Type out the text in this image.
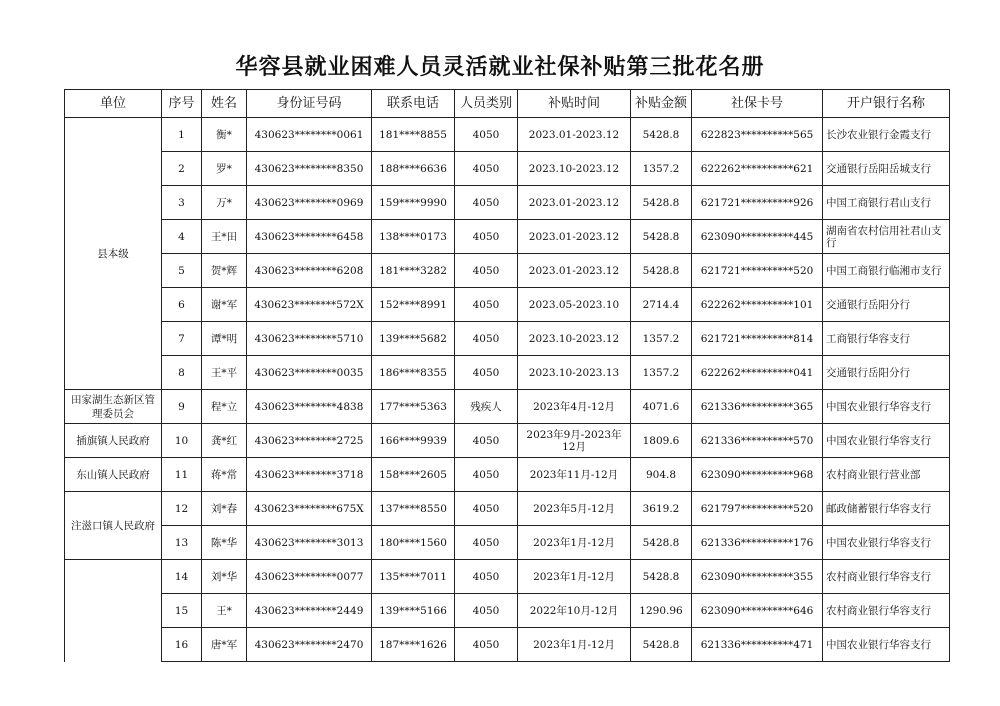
华容县就业困难人员灵活就业社保补贴第三批花名册
单位	序号	姓名	身份证号码	联系电话	人员类别	补贴时间	补贴金额	社保卡号	开户银行名称
县本级	1	衡*	430623********0061	181****8855	4050	2023.01-2023.12	5428.8	622823**********565	长沙农业银行金霞支行
	2	罗*	430623********8350	188****6636	4050	2023.10-2023.12	1357.2	622262**********621	交通银行岳阳岳城支行
	3	万*	430623********0969	159****9990	4050	2023.01-2023.12	5428.8	621721**********926	中国工商银行君山支行
	4	王*田	430623********6458	138****0173	4050	2023.01-2023.12	5428.8	623090**********445	湖南省农村信用社君山支行
	5	贺*辉	430623********6208	181****3282	4050	2023.01-2023.12	5428.8	621721**********520	中国工商银行临湘市支行
	6	谢*军	430623********572X	152****8991	4050	2023.05-2023.10	2714.4	622262**********101	交通银行岳阳分行
	7	谭*明	430623********5710	139****5682	4050	2023.10-2023.12	1357.2	621721**********814	工商银行华容支行
	8	王*平	430623********0035	186****8355	4050	2023.10-2023.13	1357.2	622262**********041	交通银行岳阳分行
田家湖生态新区管理委员会	9	程*立	430623********4838	177****5363	残疾人	2023年4月-12月	4071.6	621336**********365	中国农业银行华容支行
插旗镇人民政府	10	龚*红	430623********2725	166****9939	4050	2023年9月-2023年12月	1809.6	621336**********570	中国农业银行华容支行
东山镇人民政府	11	蒋*常	430623********3718	158****2605	4050	2023年11月-12月	904.8	623090**********968	农村商业银行营业部
注滋口镇人民政府	12	刘*春	430623********675X	137****8550	4050	2023年5月-12月	3619.2	621797**********520	邮政储蓄银行华容支行
	13	陈*华	430623********3013	180****1560	4050	2023年1月-12月	5428.8	621336**********176	中国农业银行华容支行
	14	刘*华	430623********0077	135****7011	4050	2023年1月-12月	5428.8	623090**********355	农村商业银行华容支行
	15	王*	430623********2449	139****5166	4050	2022年10月-12月	1290.96	623090**********646	农村商业银行华容支行
	16	唐*军	430623********2470	187****1626	4050	2023年1月-12月	5428.8	621336**********471	中国农业银行华容支行
